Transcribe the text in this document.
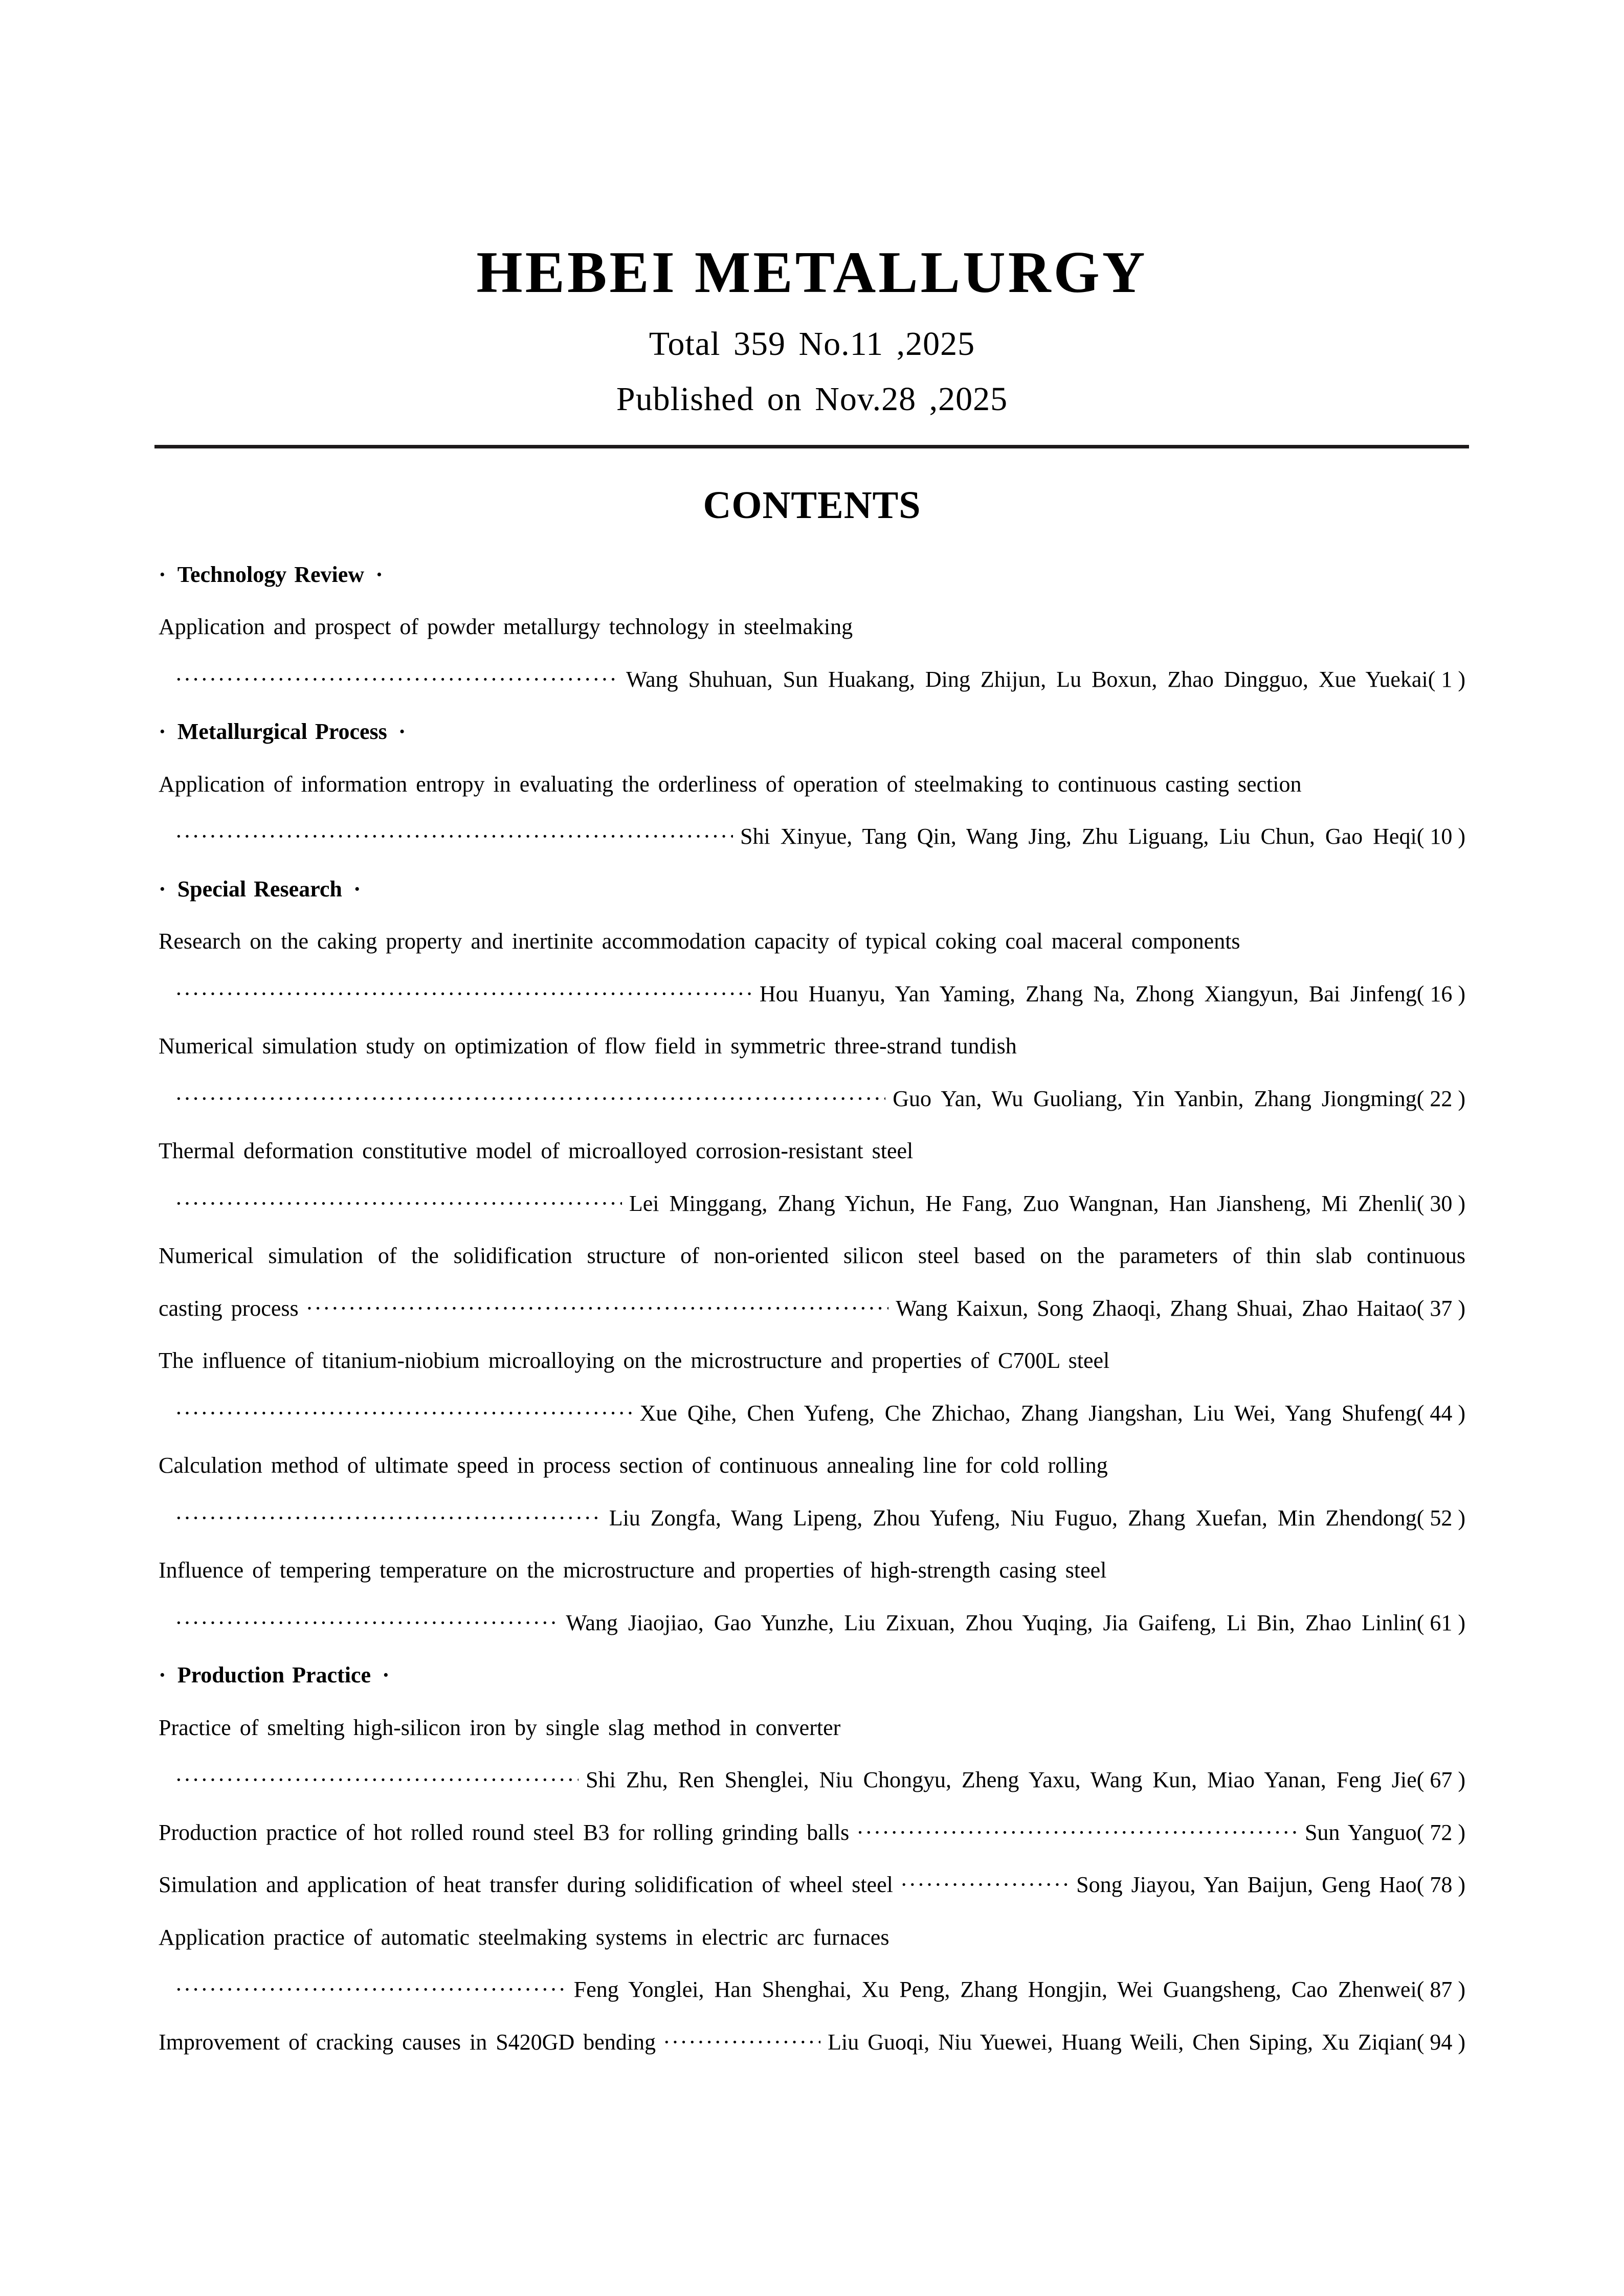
HEBEI METALLURGY
Total 359 No.11 ,2025
Published on Nov.28 ,2025
CONTENTS
· Technology Review ·
Application and prospect of powder metallurgy technology in steelmaking
·····
Wang Shuhuan, Sun Huakang, Ding Zhijun, Lu Boxun, Zhao Dingguo, Xue Yuekai ( 1 )
· Metallurgical Process ·
Application of information entropy in evaluating the orderliness of operation of steelmaking to continuous casting section
·····
Shi Xinyue, Tang Qin, Wang Jing, Zhu Liguang, Liu Chun, Gao Heqi ( 10 )
· Special Research ·
Research on the caking property and inertinite accommodation capacity of typical coking coal maceral components
·····
Hou Huanyu, Yan Yaming, Zhang Na, Zhong Xiangyun, Bai Jinfeng ( 16 )
Numerical simulation study on optimization of flow field in symmetric three-strand tundish
·····
Guo Yan, Wu Guoliang, Yin Yanbin, Zhang Jiongming ( 22 )
Thermal deformation constitutive model of microalloyed corrosion-resistant steel
·····
Lei Minggang, Zhang Yichun, He Fang, Zuo Wangnan, Han Jiansheng, Mi Zhenli ( 30 )
Numerical simulation of the solidification structure of non-oriented silicon steel based on the parameters of thin slab continuous
casting process ·····	Wang Kaixun, Song Zhaoqi, Zhang Shuai, Zhao Haitao ( 37 )
The influence of titanium-niobium microalloying on the microstructure and properties of C700L steel
·····
Xue Qihe, Chen Yufeng, Che Zhichao, Zhang Jiangshan, Liu Wei, Yang Shufeng ( 44 )
Calculation method of ultimate speed in process section of continuous annealing line for cold rolling
·····
Liu Zongfa, Wang Lipeng, Zhou Yufeng, Niu Fuguo, Zhang Xuefan, Min Zhendong ( 52 )
Influence of tempering temperature on the microstructure and properties of high-strength casing steel
·····
Wang Jiaojiao, Gao Yunzhe, Liu Zixuan, Zhou Yuqing, Jia Gaifeng, Li Bin, Zhao Linlin ( 61 )
· Production Practice ·
Practice of smelting high-silicon iron by single slag method in converter
·····
Shi Zhu, Ren Shenglei, Niu Chongyu, Zheng Yaxu, Wang Kun, Miao Yanan, Feng Jie ( 67 )
Production practice of hot rolled round steel B3 for rolling grinding balls ·····	Sun Yanguo ( 72 )
Simulation and application of heat transfer during solidification of wheel steel ·····	Song Jiayou, Yan Baijun, Geng Hao ( 78 )
Application practice of automatic steelmaking systems in electric arc furnaces
·····
Feng Yonglei, Han Shenghai, Xu Peng, Zhang Hongjin, Wei Guangsheng, Cao Zhenwei ( 87 )
Improvement of cracking causes in S420GD bending ·····	Liu Guoqi, Niu Yuewei, Huang Weili, Chen Siping, Xu Ziqian ( 94 )
